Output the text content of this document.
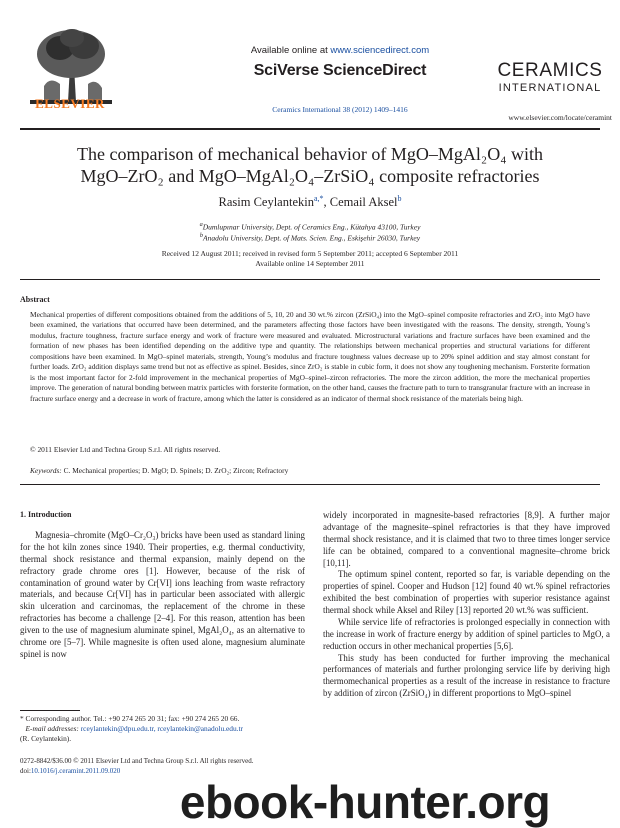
ELSEVIER
Available online at www.sciencedirect.com
SciVerse ScienceDirect
Ceramics International 38 (2012) 1409–1416
CERAMICS
INTERNATIONAL
www.elsevier.com/locate/ceramint
The comparison of mechanical behavior of MgO–MgAl₂O₄ with
MgO–ZrO₂ and MgO–MgAl₂O₄–ZrSiO₄ composite refractories
Rasim Ceylantekin$^{a,*}$, Cemail Aksel$^b$
$^a$Dumlupınar University, Dept. of Ceramics Eng., Kütahya 43100, Turkey
$^b$Anadolu University, Dept. of Mats. Scien. Eng., Eskişehir 26030, Turkey
Received 12 August 2011; received in revised form 5 September 2011; accepted 6 September 2011
Available online 14 September 2011
Abstract
Mechanical properties of different compositions obtained from the additions of 5, 10, 20 and 30 wt.% zircon (ZrSiO₄) into the MgO–spinel composite refractories and ZrO₂ into MgO have been examined, the variations that occurred have been determined, and the parameters affecting those factors have been investigated with the reasons. The density, strength, Young’s modulus, fracture toughness, fracture surface energy and work of fracture were measured and evaluated. Microstructural variations and fracture surfaces have been examined and the formation of new phases has been identified depending on the additive type and quantity. The relationships between mechanical properties and structural variations for different compositions have been examined. In MgO–spinel materials, strength, Young’s modulus and fracture toughness values decrease up to 20% spinel addition and stay almost constant for further loads. ZrO₂ addition displays same trend but not as effective as spinel. Besides, since ZrO₂ is stable in cubic form, it does not show any toughening mechanism. Forsterite formation is the most important factor for 2-fold improvement in the mechanical properties of MgO–spinel–zircon refractories. The more the zircon addition, the more the mechanical properties improve. The generation of natural bonding between matrix particles with forsterite formation, on the other hand, causes the fracture path to turn to transgranular fracture with an increase in fracture surface energy and a decrease in work of fracture, among which the latter is considered as an indicator of thermal shock resistance of the materials being high.
© 2011 Elsevier Ltd and Techna Group S.r.l. All rights reserved.
Keywords: C. Mechanical properties; D. MgO; D. Spinels; D. ZrO₂; Zircon; Refractory
1. Introduction

Magnesia–chromite (MgO–Cr₂O₃) bricks have been used as standard lining for the hot kiln zones since 1940. Their properties, e.g. thermal conductivity, thermal shock resistance and thermal expansion, mainly depend on the refractory grade chrome ores [1]. However, because of the risk of contamination of ground water by Cr[VI] ions leaching from waste refractory materials, and because Cr[VI] has in particular been associated with allergic skin ulceration and carcinomas, the replacement of the chrome in these refractories has become a challenge [2–4]. For this reason, attention has been given to the use of magnesium aluminate spinel, MgAl₂O₄, as an alternative to chrome ore [5–7]. While magnesite is often used alone, magnesium aluminate spinel is now

widely incorporated in magnesite-based refractories [8,9]. A further major advantage of the magnesite–spinel refractories is that they have improved thermal shock resistance, and it is claimed that two to three times longer service life can be obtained, compared to a conventional magnesite–chrome brick [10,11].

The optimum spinel content, reported so far, is variable depending on the properties of spinel. Cooper and Hudson [12] found 40 wt.% spinel refractories exhibited the best combination of properties with superior resistance against thermal shock while Aksel and Riley [13] reported 20 wt.% was sufficient.

While service life of refractories is prolonged especially in connection with the increase in work of fracture energy by addition of spinel particles to MgO, a reduction occurs in other mechanical properties [5,6].

This study has been conducted for further improving the mechanical performances of materials and further prolonging service life by deriving high thermomechanical properties as a result of the increase in resistance to fracture by addition of zircon (ZrSiO₄) in different proportions to MgO–spinel

* Corresponding author. Tel.: +90 274 265 20 31; fax: +90 274 265 20 66.
E-mail addresses: rceylantekin@dpu.edu.tr, rceylantekin@anadolu.edu.tr
(R. Ceylantekin).
0272-8842/$36.00 © 2011 Elsevier Ltd and Techna Group S.r.l. All rights reserved.
doi:10.1016/j.ceramint.2011.09.020
ebook-hunter.org
